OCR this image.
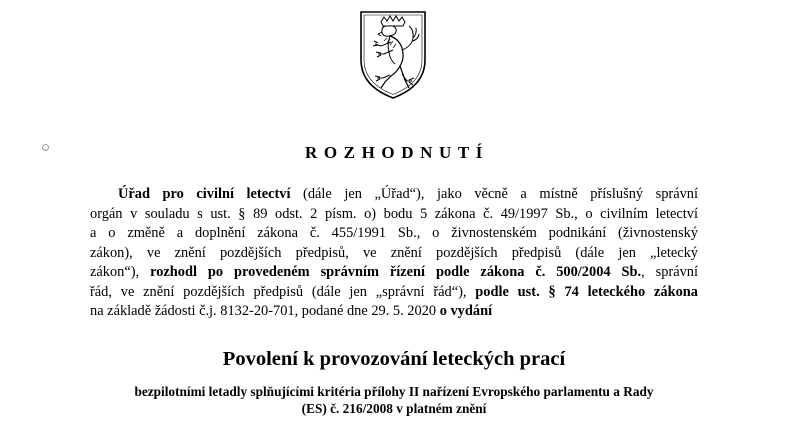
ROZHODNUTÍ
Úřad pro civilní letectví (dále jen „Úřad“), jako věcně a místně příslušný správní
orgán v souladu s ust. § 89 odst. 2 písm. o) bodu 5 zákona č. 49/1997 Sb., o civilním letectví
a o změně a doplnění zákona č. 455/1991 Sb., o živnostenském podnikání (živnostenský
zákon), ve znění pozdějších předpisů, ve znění pozdějších předpisů (dále jen „letecký
zákon“), rozhodl po provedeném správním řízení podle zákona č. 500/2004 Sb., správní
řád, ve znění pozdějších předpisů (dále jen „správní řád“), podle ust. § 74 leteckého zákona
na základě žádosti č.j. 8132-20-701, podané dne 29. 5. 2020 o vydání
Povolení k provozování leteckých prací
bezpilotními letadly splňujícími kritéria přílohy II nařízení Evropského parlamentu a Rady
(ES) č. 216/2008 v platném znění
